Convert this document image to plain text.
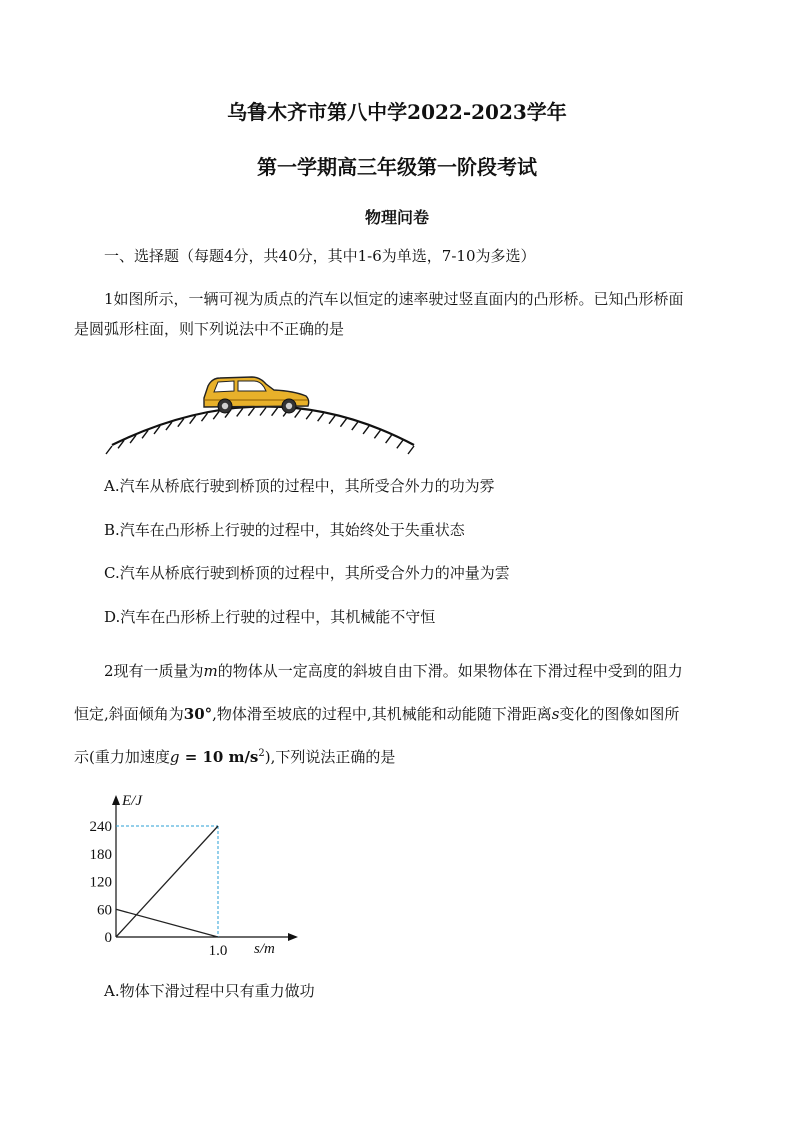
乌鲁木齐市第八中学2022-2023学年
第一学期高三年级第一阶段考试
物理问卷
一、选择题（每题4分，共40分，其中1-6为单选，7-10为多选）
1如图所示，一辆可视为质点的汽车以恒定的速率驶过竖直面内的凸形桥。已知凸形桥面
是圆弧形柱面，则下列说法中不正确的是
A.汽车从桥底行驶到桥顶的过程中，其所受合外力的功为雰
B.汽车在凸形桥上行驶的过程中，其始终处于失重状态
C.汽车从桥底行驶到桥顶的过程中，其所受合外力的冲量为雲
D.汽车在凸形桥上行驶的过程中，其机械能不守恒
2现有一质量为m的物体从一定高度的斜坡自由下滑。如果物体在下滑过程中受到的阻力
恒定,斜面倾角为30°,物体滑至坡底的过程中,其机械能和动能随下滑距离s变化的图像如图所
示(重力加速度g = 10 $m/s^2$),下列说法正确的是
240
180
120
60
0
1.0
E/J
s/m
A.物体下滑过程中只有重力做功
